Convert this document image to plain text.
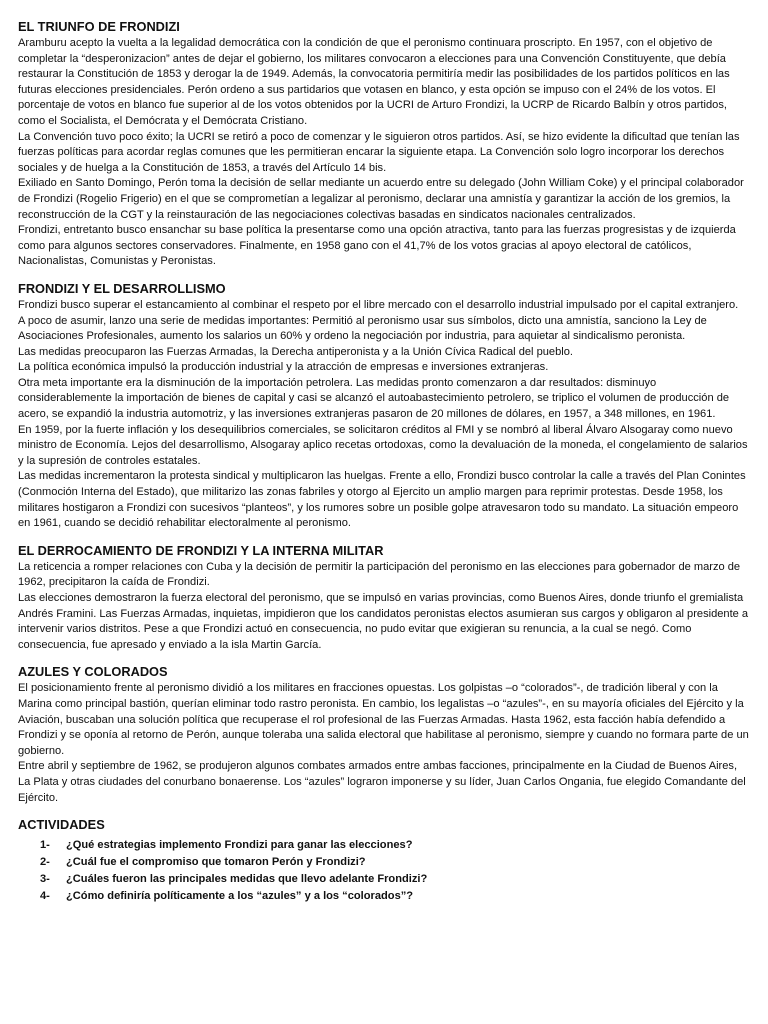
EL TRIUNFO DE FRONDIZI

Aramburu acepto la vuelta a la legalidad democrática con la condición de que el peronismo continuara proscripto. En 1957, con el objetivo de completar la “desperonizacion” antes de dejar el gobierno, los militares convocaron a elecciones para una Convención Constituyente, que debía restaurar la Constitución de 1853 y derogar la de 1949. Además, la convocatoria permitiría medir las posibilidades de los partidos políticos en las futuras elecciones presidenciales. Perón ordeno a sus partidarios que votasen en blanco, y esta opción se impuso con el 24% de los votos. El porcentaje de votos en blanco fue superior al de los votos obtenidos por la UCRI de Arturo Frondizi, la UCRP de Ricardo Balbín y otros partidos, como el Socialista, el Demócrata y el Demócrata Cristiano.

La Convención tuvo poco éxito; la UCRI se retiró a poco de comenzar y le siguieron otros partidos. Así, se hizo evidente la dificultad que tenían las fuerzas políticas para acordar reglas comunes que les permitieran encarar la siguiente etapa. La Convención solo logro incorporar los derechos sociales y de huelga a la Constitución de 1853, a través del Artículo 14 bis.

Exiliado en Santo Domingo, Perón toma la decisión de sellar mediante un acuerdo entre su delegado (John William Coke) y el principal colaborador de Frondizi (Rogelio Frigerio) en el que se comprometían a legalizar al peronismo, declarar una amnistía y garantizar la acción de los gremios, la reconstrucción de la CGT y la reinstauración de las negociaciones colectivas basadas en sindicatos nacionales centralizados.

Frondizi, entretanto busco ensanchar su base política la presentarse como una opción atractiva, tanto para las fuerzas progresistas y de izquierda como para algunos sectores conservadores. Finalmente, en 1958 gano con el 41,7% de los votos gracias al apoyo electoral de católicos, Nacionalistas, Comunistas y Peronistas.

FRONDIZI Y EL DESARROLLISMO

Frondizi busco superar el estancamiento al combinar el respeto por el libre mercado con el desarrollo industrial impulsado por el capital extranjero.

A poco de asumir, lanzo una serie de medidas importantes: Permitió al peronismo usar sus símbolos, dicto una amnistía, sanciono la Ley de Asociaciones Profesionales, aumento los salarios un 60% y ordeno la negociación por industria, para aquietar al sindicalismo peronista.

Las medidas preocuparon las Fuerzas Armadas, la Derecha antiperonista y a la Unión Cívica Radical del pueblo.

La política económica impulsó la producción industrial y la atracción de empresas e inversiones extranjeras.

Otra meta importante era la disminución de la importación petrolera. Las medidas pronto comenzaron a dar resultados: disminuyo considerablemente la importación de bienes de capital y casi se alcanzó el autoabastecimiento petrolero, se triplico el volumen de producción de acero, se expandió la industria automotriz, y las inversiones extranjeras pasaron de 20 millones de dólares, en 1957, a 348 millones, en 1961.

En 1959, por la fuerte inflación y los desequilibrios comerciales, se solicitaron créditos al FMI y se nombró al liberal Álvaro Alsogaray como nuevo ministro de Economía. Lejos del desarrollismo, Alsogaray aplico recetas ortodoxas, como la devaluación de la moneda, el congelamiento de salarios y la supresión de controles estatales.

Las medidas incrementaron la protesta sindical y multiplicaron las huelgas. Frente a ello, Frondizi busco controlar la calle a través del Plan Conintes (Conmoción Interna del Estado), que militarizo las zonas fabriles y otorgo al Ejercito un amplio margen para reprimir protestas. Desde 1958, los militares hostigaron a Frondizi con sucesivos “planteos”, y los rumores sobre un posible golpe atravesaron todo su mandato. La situación empeoro en 1961, cuando se decidió rehabilitar electoralmente al peronismo.

EL DERROCAMIENTO DE FRONDIZI Y LA INTERNA MILITAR

La reticencia a romper relaciones con Cuba y la decisión de permitir la participación del peronismo en las elecciones para gobernador de marzo de 1962, precipitaron la caída de Frondizi.

Las elecciones demostraron la fuerza electoral del peronismo, que se impulsó en varias provincias, como Buenos Aires, donde triunfo el gremialista Andrés Framini. Las Fuerzas Armadas, inquietas, impidieron que los candidatos peronistas electos asumieran sus cargos y obligaron al presidente a intervenir varios distritos. Pese a que Frondizi actuó en consecuencia, no pudo evitar que exigieran su renuncia, a la cual se negó. Como consecuencia, fue apresado y enviado a la isla Martin García.

AZULES Y COLORADOS

El posicionamiento frente al peronismo dividió a los militares en fracciones opuestas. Los golpistas –o “colorados”-, de tradición liberal y con la Marina como principal bastión, querían eliminar todo rastro peronista. En cambio, los legalistas –o “azules”-, en su mayoría oficiales del Ejército y la Aviación, buscaban una solución política que recuperase el rol profesional de las Fuerzas Armadas. Hasta 1962, esta facción había defendido a Frondizi y se oponía al retorno de Perón, aunque toleraba una salida electoral que habilitase al peronismo, siempre y cuando no formara parte de un gobierno.

Entre abril y septiembre de 1962, se produjeron algunos combates armados entre ambas facciones, principalmente en la Ciudad de Buenos Aires, La Plata y otras ciudades del conurbano bonaerense. Los “azules” lograron imponerse y su líder, Juan Carlos Ongania, fue elegido Comandante del Ejército.

ACTIVIDADES
1-	¿Qué estrategias implemento Frondizi para ganar las elecciones?
2-	¿Cuál fue el compromiso que tomaron Perón y Frondizi?
3-	¿Cuáles fueron las principales medidas que llevo adelante Frondizi?
4-	¿Cómo definiría políticamente a los “azules” y a los “colorados”?
